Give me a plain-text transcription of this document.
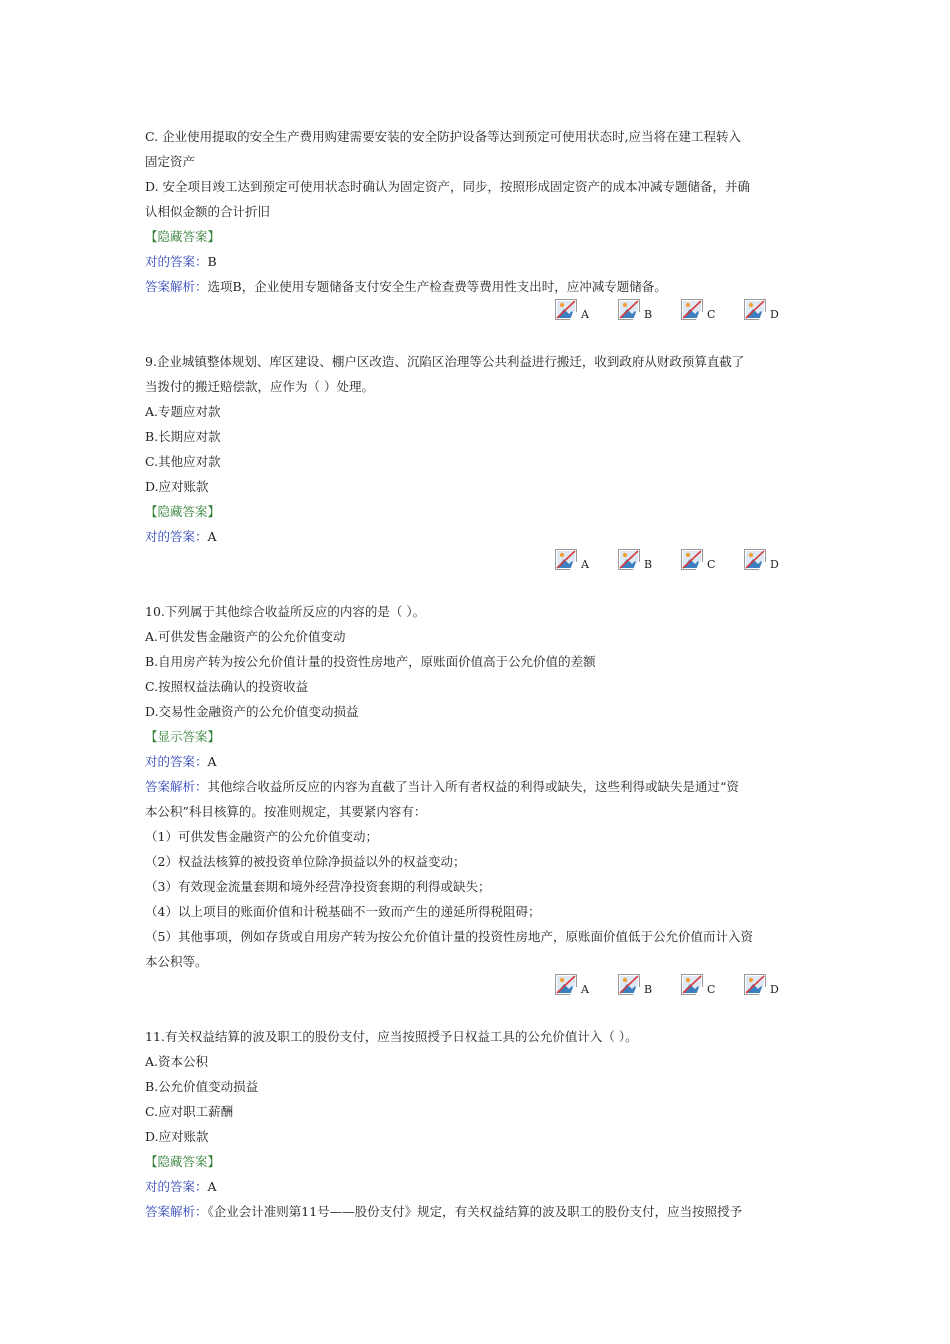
C. 企业使用提取的安全生产费用购建需要安装的安全防护设备等达到预定可使用状态时,应当将在建工程转入
固定资产
D. 安全项目竣工达到预定可使用状态时确认为固定资产，同步，按照形成固定资产的成本冲减专题储备，并确
认相似金额的合计折旧
【隐藏答案】
对的答案：B
答案解析：选项B，企业使用专题储备支付安全生产检查费等费用性支出时，应冲减专题储备。
A	B	C	D
9.企业城镇整体规划、库区建设、棚户区改造、沉陷区治理等公共利益进行搬迁，收到政府从财政预算直截了
当拨付的搬迁赔偿款，应作为（ ）处理。
A.专题应对款
B.长期应对款
C.其他应对款
D.应对账款
【隐藏答案】
对的答案：A
A	B	C	D
10.下列属于其他综合收益所反应的内容的是（ ）。
A.可供发售金融资产的公允价值变动
B.自用房产转为按公允价值计量的投资性房地产，原账面价值高于公允价值的差额
C.按照权益法确认的投资收益
D.交易性金融资产的公允价值变动损益
【显示答案】
对的答案：A
答案解析：其他综合收益所反应的内容为直截了当计入所有者权益的利得或缺失，这些利得或缺失是通过“资
本公积”科目核算的。按准则规定，其要紧内容有：
（1）可供发售金融资产的公允价值变动；
（2）权益法核算的被投资单位除净损益以外的权益变动；
（3）有效现金流量套期和境外经营净投资套期的利得或缺失；
（4）以上项目的账面价值和计税基础不一致而产生的递延所得税阻碍；
（5）其他事项，例如存货或自用房产转为按公允价值计量的投资性房地产，原账面价值低于公允价值而计入资
本公积等。
A	B	C	D
11.有关权益结算的波及职工的股份支付，应当按照授予日权益工具的公允价值计入（ ）。
A.资本公积
B.公允价值变动损益
C.应对职工薪酬
D.应对账款
【隐藏答案】
对的答案：A
答案解析：《企业会计准则第11号——股份支付》规定，有关权益结算的波及职工的股份支付，应当按照授予
